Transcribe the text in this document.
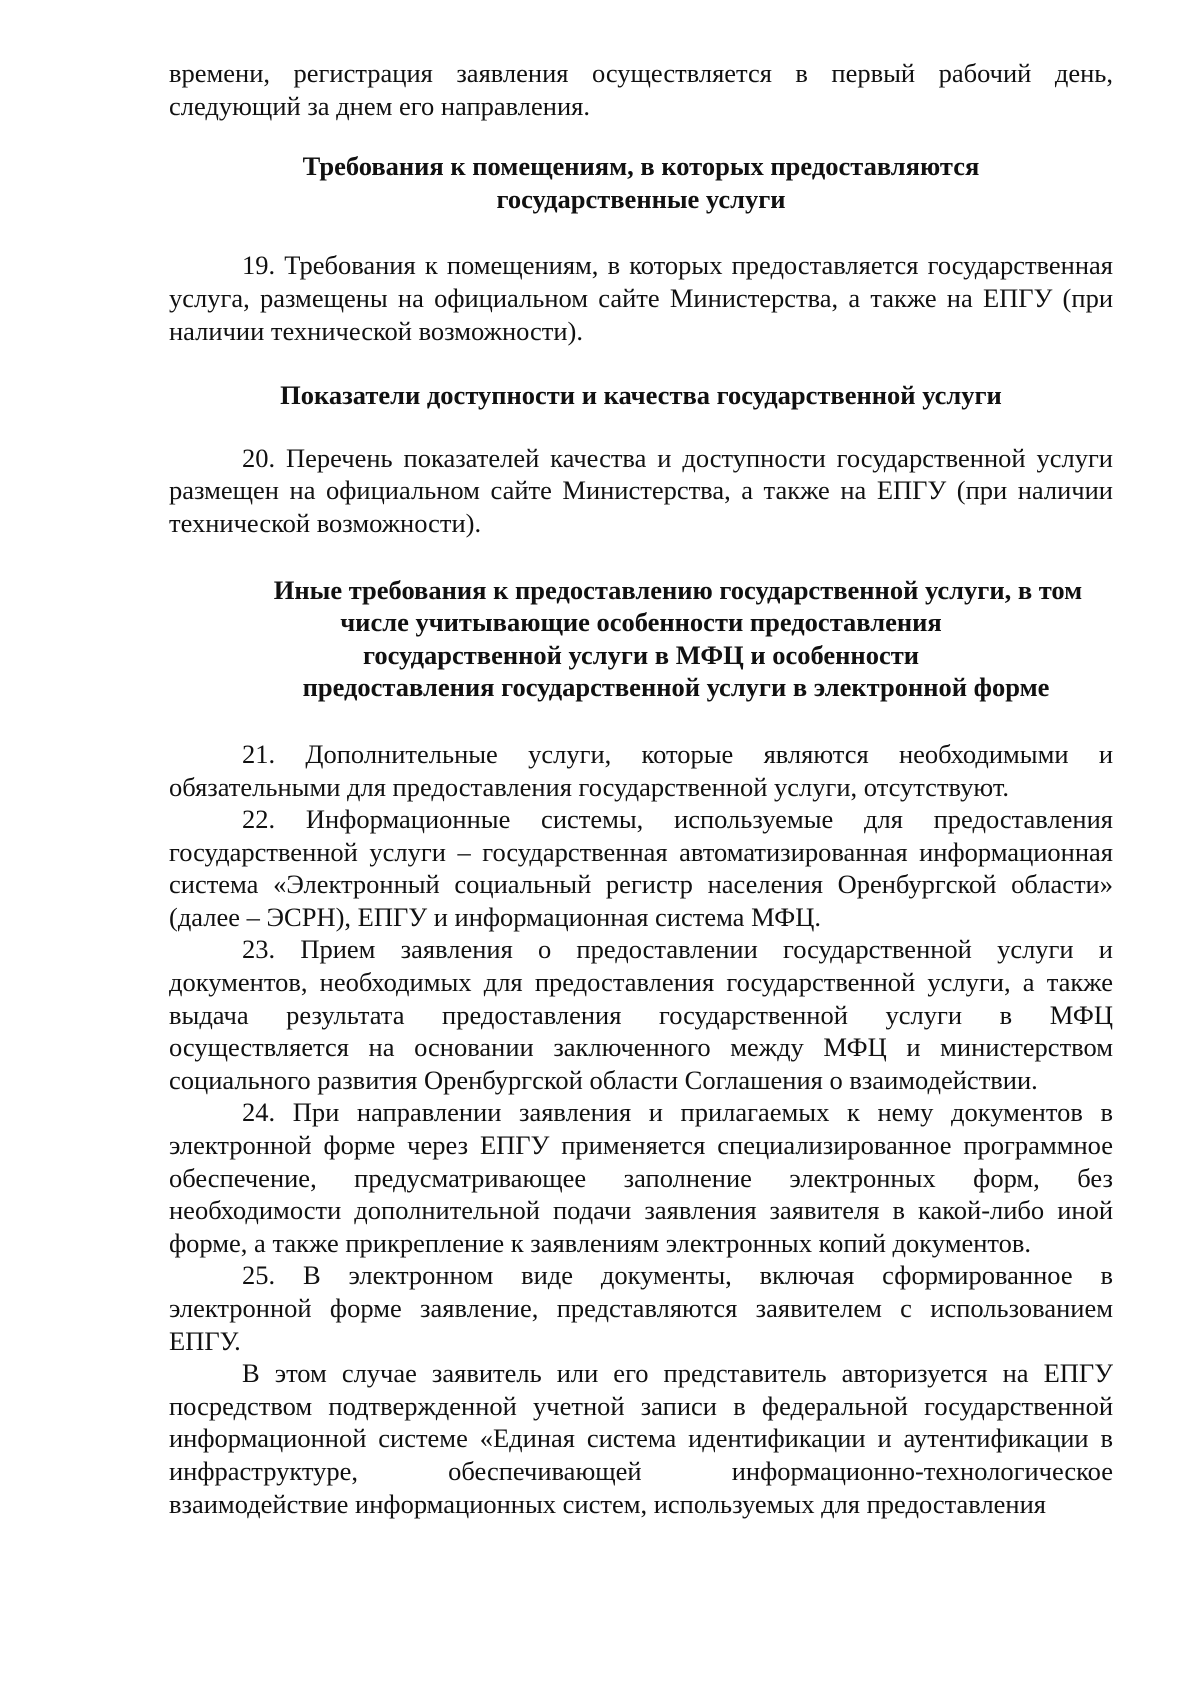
времени, регистрация заявления осуществляется в первый рабочий день, следующий за днем его направления.

Требования к помещениям, в которых предоставляются
государственные услуги

19. Требования к помещениям, в которых предоставляется государственная услуга, размещены на официальном сайте Министерства, а также на ЕПГУ (при наличии технической возможности).

Показатели доступности и качества государственной услуги

20. Перечень показателей качества и доступности государственной услуги размещен на официальном сайте Министерства, а также на ЕПГУ (при наличии технической возможности).

Иные требования к предоставлению государственной услуги, в том
числе учитывающие особенности предоставления
государственной услуги в МФЦ и особенности
предоставления государственной услуги в электронной форме

21. Дополнительные услуги, которые являются необходимыми и обязательными для предоставления государственной услуги, отсутствуют.

22. Информационные системы, используемые для предоставления государственной услуги – государственная автоматизированная информационная система «Электронный социальный регистр населения Оренбургской области» (далее – ЭСРН), ЕПГУ и информационная система МФЦ.

23. Прием заявления о предоставлении государственной услуги и документов, необходимых для предоставления государственной услуги, а также выдача результата предоставления государственной услуги в МФЦ осуществляется на основании заключенного между МФЦ и министерством социального развития Оренбургской области Соглашения о взаимодействии.

24. При направлении заявления и прилагаемых к нему документов в электронной форме через ЕПГУ применяется специализированное программное обеспечение, предусматривающее заполнение электронных форм, без необходимости дополнительной подачи заявления заявителя в какой-либо иной форме, а также прикрепление к заявлениям электронных копий документов.

25. В электронном виде документы, включая сформированное в электронной форме заявление, представляются заявителем с использованием ЕПГУ.

В этом случае заявитель или его представитель авторизуется на ЕПГУ посредством подтвержденной учетной записи в федеральной государственной информационной системе «Единая система идентификации и аутентификации в инфраструктуре, обеспечивающей информационно-технологическое взаимодействие информационных систем, используемых для предоставления
